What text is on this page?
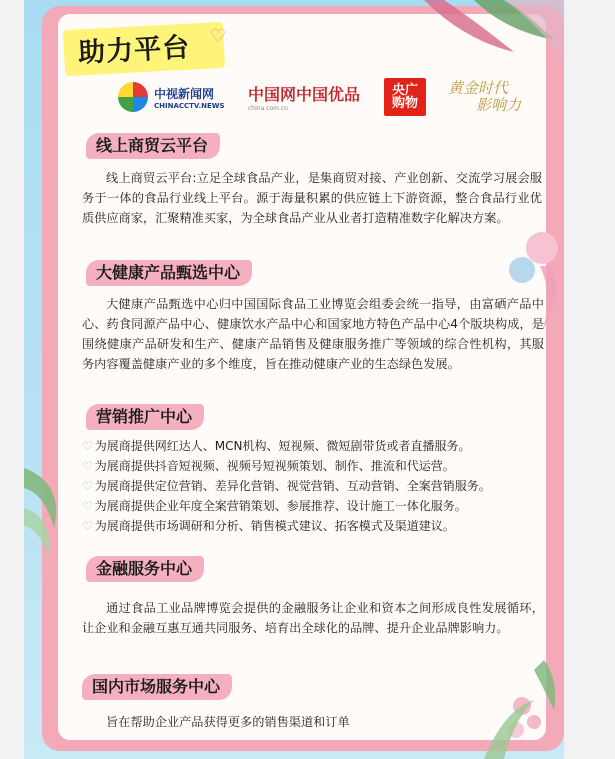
助力平台 ♡
中视新闻网
CHINACCTV.NEWS
中国网中国优品
china.com.cn
央广
购物
黄金时代
影响力
线上商贸云平台
线上商贸云平台:立足全球食品产业，是集商贸对接、产业创新、交流学习展会服务于一体的食品行业线上平台。源于海量积累的供应链上下游资源，整合食品行业优质供应商家，汇聚精准买家，为全球食品产业从业者打造精准数字化解决方案。
大健康产品甄选中心
大健康产品甄选中心归中国国际食品工业博览会组委会统一指导，由富硒产品中心、药食同源产品中心、健康饮水产品中心和国家地方特色产品中心4个版块构成，是围绕健康产品研发和生产、健康产品销售及健康服务推广等领域的综合性机构，其服务内容覆盖健康产业的多个维度，旨在推动健康产业的生态绿色发展。
营销推广中心
♡ 为展商提供网红达人、MCN机构、短视频、微短剧带货或者直播服务。
♡ 为展商提供抖音短视频、视频号短视频策划、制作、推流和代运营。
♡ 为展商提供定位营销、差异化营销、视觉营销、互动营销、全案营销服务。
♡ 为展商提供企业年度全案营销策划、参展推荐、设计施工一体化服务。
♡ 为展商提供市场调研和分析、销售模式建议、拓客模式及渠道建议。
金融服务中心
通过食品工业品牌博览会提供的金融服务让企业和资本之间形成良性发展循环，让企业和金融互惠互通共同服务、培育出全球化的品牌、提升企业品牌影响力。
国内市场服务中心
旨在帮助企业产品获得更多的销售渠道和订单
